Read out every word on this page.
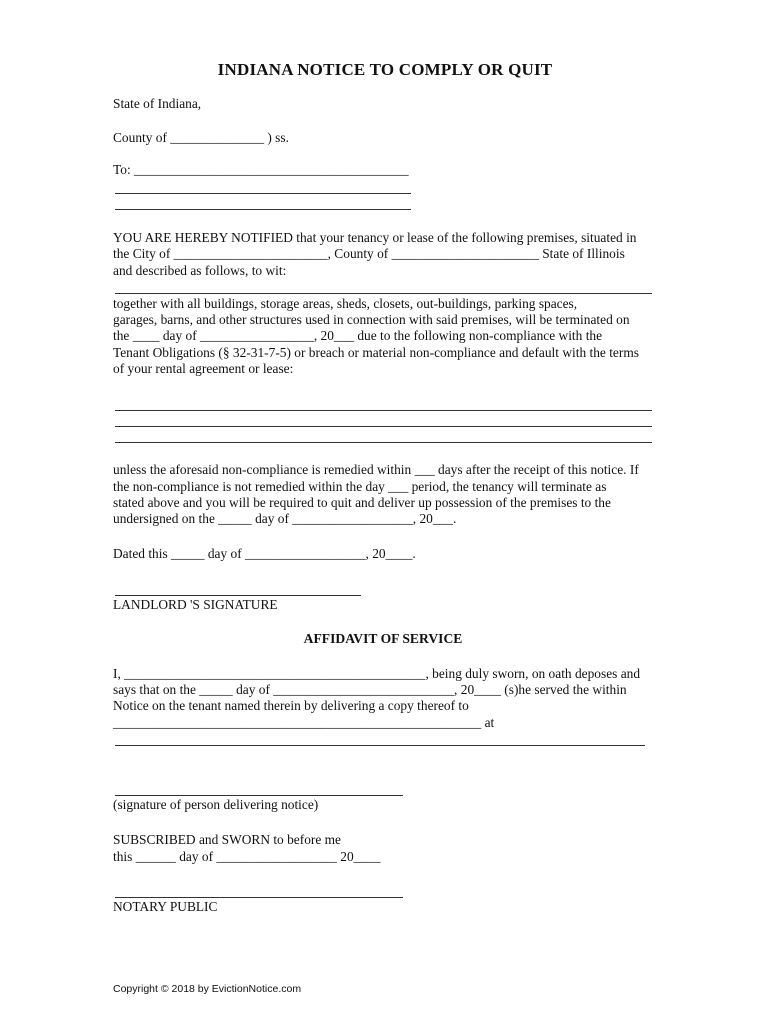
INDIANA NOTICE TO COMPLY OR QUIT

State of Indiana,

County of ______________ ) ss.

To: _________________________________________

YOU ARE HEREBY NOTIFIED that your tenancy or lease of the following premises, situated in

the City of _______________________, County of ______________________ State of Illinois

and described as follows, to wit:

together with all buildings, storage areas, sheds, closets, out-buildings, parking spaces,

garages, barns, and other structures used in connection with said premises, will be terminated on

the ____ day of _________________, 20___ due to the following non-compliance with the

Tenant Obligations (§ 32-31-7-5) or breach or material non-compliance and default with the terms

of your rental agreement or lease:

unless the aforesaid non-compliance is remedied within ___ days after the receipt of this notice. If

the non-compliance is not remedied within the day ___ period, the tenancy will terminate as

stated above and you will be required to quit and deliver up possession of the premises to the

undersigned on the _____ day of __________________, 20___.

Dated this _____ day of __________________, 20____.

LANDLORD 'S SIGNATURE

AFFIDAVIT OF SERVICE

I, _____________________________________________, being duly sworn, on oath deposes and

says that on the _____ day of ___________________________, 20____ (s)he served the within

Notice on the tenant named therein by delivering a copy thereof to

_______________________________________________________ at

(signature of person delivering notice)

SUBSCRIBED and SWORN to before me

this ______ day of __________________ 20____

NOTARY PUBLIC

Copyright © 2018 by EvictionNotice.com
